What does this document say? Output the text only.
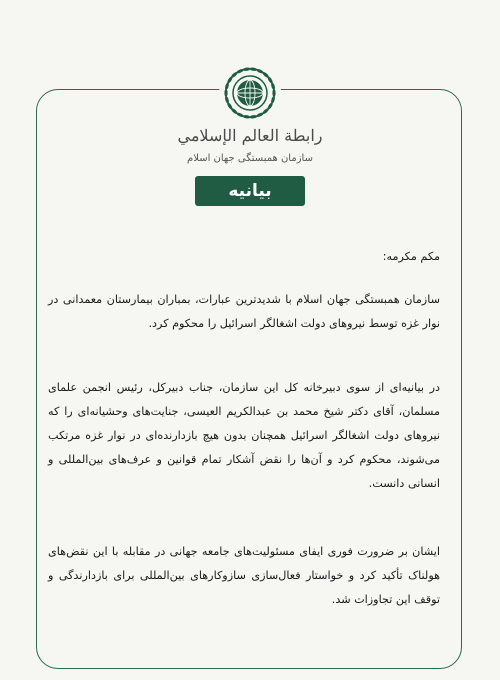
رابطة العالم الإسلامي
سازمان همبستگی جهان اسلام
بیانیه

مکم مکرمه:

سازمان همبستگی جهان اسلام با شدیدترین عبارات، بمباران بیمارستان معمدانی در نوار غزه توسط نیروهای دولت اشغالگر اسرائیل را محکوم کرد.

در بیانیه‌ای از سوی دبیرخانه کل این سازمان، جناب دبیرکل، رئیس انجمن علمای مسلمان، آقای دکتر شیخ محمد بن عبدالکریم العیسی، جنایت‌های وحشیانه‌ای را که نیروهای دولت اشغالگر اسرائیل همچنان بدون هیچ بازدارنده‌ای در نوار غزه مرتکب می‌شوند، محکوم کرد و آن‌ها را نقض آشکار تمام قوانین و عرف‌های بین‌المللی و انسانی دانست.

ایشان بر ضرورت فوری ایفای مسئولیت‌های جامعه جهانی در مقابله با این نقض‌های هولناک تأکید کرد و خواستار فعال‌سازی سازوکارهای بین‌المللی برای بازدارندگی و توقف این تجاوزات شد.
